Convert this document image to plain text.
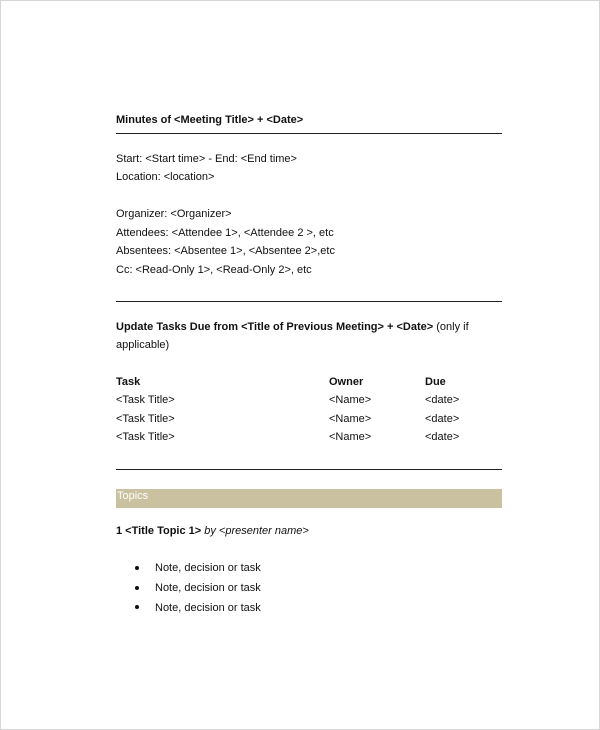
Minutes of <Meeting Title> + <Date>
Start: <Start time> - End: <End time>
Location: <location>
Organizer: <Organizer>
Attendees: <Attendee 1>, <Attendee 2 >, etc
Absentees: <Absentee 1>, <Absentee 2>,etc
Cc: <Read-Only 1>, <Read-Only 2>, etc
Update Tasks Due from <Title of Previous Meeting> + <Date> (only if
applicable)
Task	Owner	Due
<Task Title>	<Name>	<date>
<Task Title>	<Name>	<date>
<Task Title>	<Name>	<date>
Topics
1 <Title Topic 1> by <presenter name>
Note, decision or task
Note, decision or task
Note, decision or task
